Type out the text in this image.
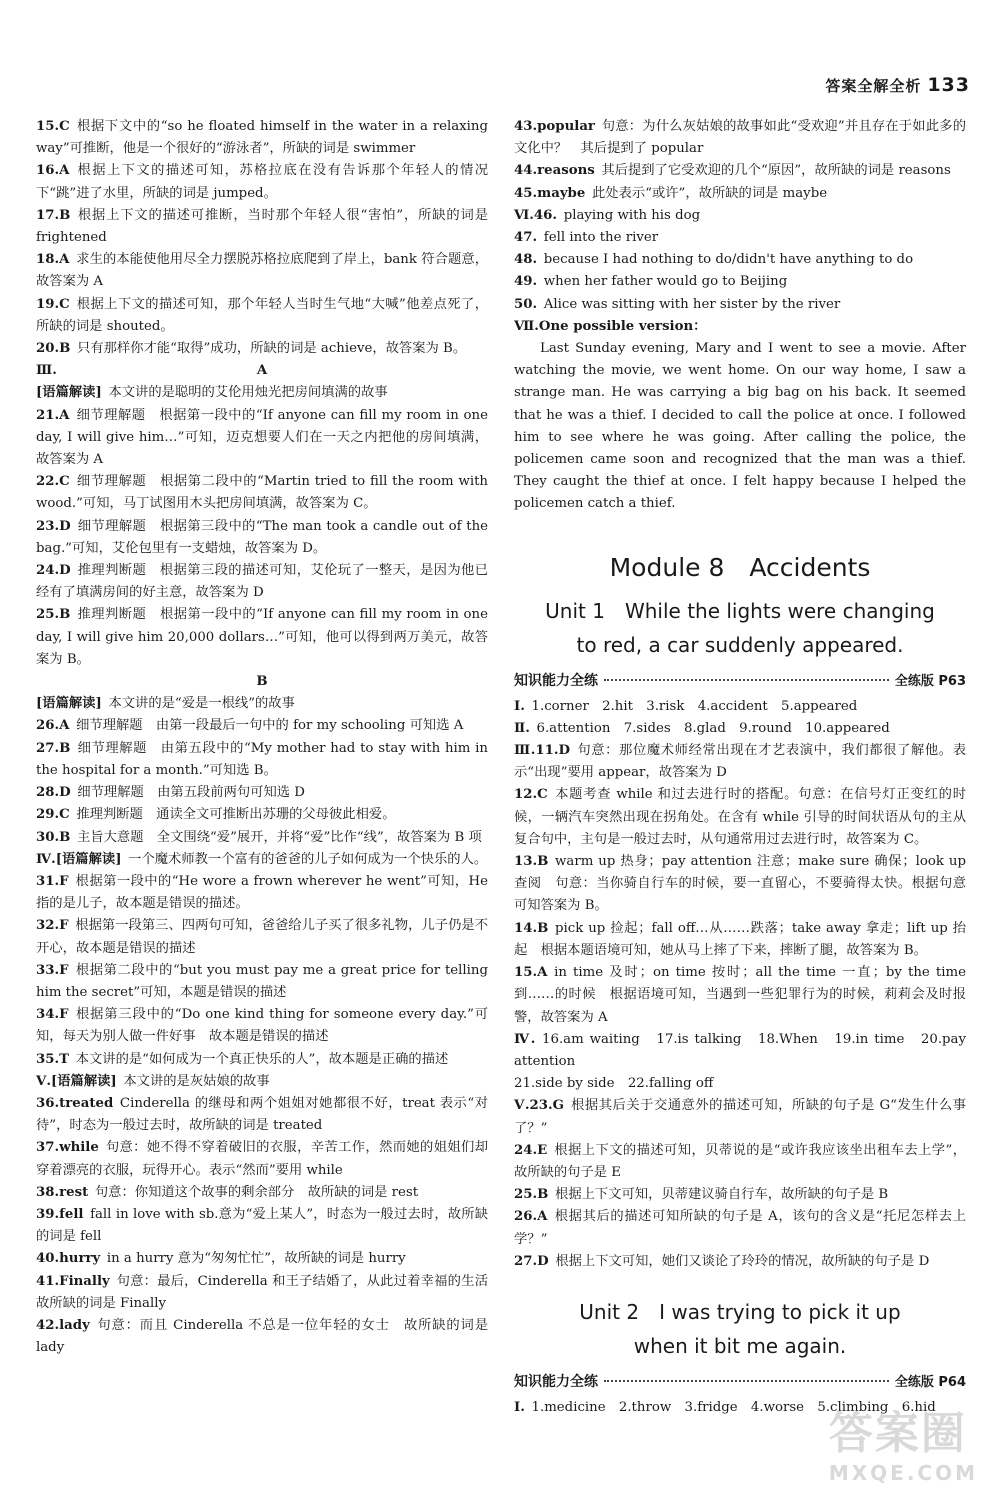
答案全解全析 133

15.C  根据下文中的“so he floated himself in the water in a relaxing way”可推断，他是一个很好的“游泳者”，所缺的词是 swimmer

16.A  根据上下文的描述可知，苏格拉底在没有告诉那个年轻人的情况下“跳”进了水里，所缺的词是 jumped。

17.B  根据上下文的描述可推断，当时那个年轻人很“害怕”，所缺的词是 frightened

18.A  求生的本能使他用尽全力摆脱苏格拉底爬到了岸上，bank 符合题意，故答案为 A

19.C  根据上下文的描述可知，那个年轻人当时生气地“大喊”他差点死了，所缺的词是 shouted。

20.B  只有那样你才能“取得”成功，所缺的词是 achieve，故答案为 B。

Ⅲ.	A

[语篇解读]  本文讲的是聪明的艾伦用烛光把房间填满的故事

21.A  细节理解题　根据第一段中的“If anyone can fill my room in one day, I will give him…”可知，迈克想要人们在一天之内把他的房间填满，故答案为 A

22.C  细节理解题　根据第二段中的“Martin tried to fill the room with wood.”可知，马丁试图用木头把房间填满，故答案为 C。

23.D  细节理解题　根据第三段中的“The man took a candle out of the bag.”可知，艾伦包里有一支蜡烛，故答案为 D。

24.D  推理判断题　根据第三段的描述可知，艾伦玩了一整天，是因为他已经有了填满房间的好主意，故答案为 D

25.B  推理判断题　根据第一段中的“If anyone can fill my room in one day, I will give him 20,000 dollars…”可知，他可以得到两万美元，故答案为 B。

B

[语篇解读]  本文讲的是“爱是一根线”的故事

26.A  细节理解题　由第一段最后一句中的 for my schooling 可知选 A

27.B  细节理解题　由第五段中的“My mother had to stay with him in the hospital for a month.”可知选 B。

28.D  细节理解题　由第五段前两句可知选 D

29.C  推理判断题　通读全文可推断出苏珊的父母彼此相爱。

30.B  主旨大意题　全文围绕“爱”展开，并将“爱”比作“线”，故答案为 B 项

Ⅳ.[语篇解读]  一个魔术师教一个富有的爸爸的儿子如何成为一个快乐的人。

31.F  根据第一段中的“He wore a frown wherever he went”可知，He 指的是儿子，故本题是错误的描述。

32.F  根据第一段第三、四两句可知，爸爸给儿子买了很多礼物，儿子仍是不开心，故本题是错误的描述

33.F  根据第二段中的“but you must pay me a great price for telling him the secret”可知，本题是错误的描述

34.F  根据第三段中的“Do one kind thing for someone every day.”可知，每天为别人做一件好事　故本题是错误的描述

35.T  本文讲的是“如何成为一个真正快乐的人”，故本题是正确的描述

Ⅴ.[语篇解读]  本文讲的是灰姑娘的故事

36.treated  Cinderella 的继母和两个姐姐对她都很不好，treat 表示“对待”，时态为一般过去时，故所缺的词是 treated

37.while  句意：她不得不穿着破旧的衣服，辛苦工作，然而她的姐姐们却穿着漂亮的衣服，玩得开心。表示“然而”要用 while

38.rest  句意：你知道这个故事的剩余部分　故所缺的词是 rest

39.fell  fall in love with sb.意为“爱上某人”，时态为一般过去时，故所缺的词是 fell

40.hurry  in a hurry 意为“匆匆忙忙”，故所缺的词是 hurry

41.Finally  句意：最后，Cinderella 和王子结婚了，从此过着幸福的生活　故所缺的词是 Finally

42.lady  句意：而且 Cinderella 不总是一位年轻的女士　故所缺的词是 lady

43.popular  句意：为什么灰姑娘的故事如此“受欢迎”并且存在于如此多的文化中？　其后提到了 popular

44.reasons  其后提到了它受欢迎的几个“原因”，故所缺的词是 reasons

45.maybe  此处表示“或许”，故所缺的词是 maybe

Ⅵ.46.  playing with his dog

47.  fell into the river

48.  because I had nothing to do/didn't have anything to do

49.  when her father would go to Beijing

50.  Alice was sitting with her sister by the river

Ⅶ.One possible version： 

Last Sunday evening, Mary and I went to see a movie. After watching the movie, we went home. On our way home, I saw a strange man. He was carrying a big bag on his back. It seemed that he was a thief. I decided to call the police at once. I followed him to see where he was going. After calling the police, the policemen came soon and recognized that the man was a thief. They caught the thief at once. I felt happy because I helped the policemen catch a thief.

Module 8　Accidents
Unit 1　While the lights were changing
to red, a car suddenly appeared.
知识能力全练	全练版 P63

Ⅰ.  1.corner　2.hit　3.risk　4.accident　5.appeared

Ⅱ.  6.attention　7.sides　8.glad　9.round　10.appeared

Ⅲ.11.D  句意：那位魔术师经常出现在才艺表演中，我们都很了解他。表示“出现”要用 appear，故答案为 D

12.C  本题考查 while 和过去进行时的搭配。句意：在信号灯正变红的时候，一辆汽车突然出现在拐角处。在含有 while 引导的时间状语从句的主从复合句中，主句是一般过去时，从句通常用过去进行时，故答案为 C。

13.B  warm up 热身；pay attention 注意；make sure 确保；look up 查阅　句意：当你骑自行车的时候，要一直留心，不要骑得太快。根据句意可知答案为 B。

14.B  pick up 捡起；fall off…从……跌落；take away 拿走；lift up 抬起　根据本题语境可知，她从马上摔了下来，摔断了腿，故答案为 B。

15.A  in time 及时；on time 按时；all the time 一直；by the time 到……的时候　根据语境可知，当遇到一些犯罪行为的时候，莉莉会及时报警，故答案为 A

Ⅳ.  16.am waiting　17.is talking　18.When　19.in time　20.pay attention

21.side by side　22.falling off

Ⅴ.23.G  根据其后关于交通意外的描述可知，所缺的句子是 G“发生什么事了？”

24.E  根据上下文的描述可知，贝蒂说的是“或许我应该坐出租车去上学”，故所缺的句子是 E

25.B  根据上下文可知，贝蒂建议骑自行车，故所缺的句子是 B

26.A  根据其后的描述可知所缺的句子是 A，该句的含义是“托尼怎样去上学？”

27.D  根据上下文可知，她们又谈论了玲玲的情况，故所缺的句子是 D

Unit 2　I was trying to pick it up
when it bit me again.
知识能力全练	全练版 P64

Ⅰ.  1.medicine　2.throw　3.fridge　4.worse　5.climbing　6.hid

答案圈
MXQE.COM
